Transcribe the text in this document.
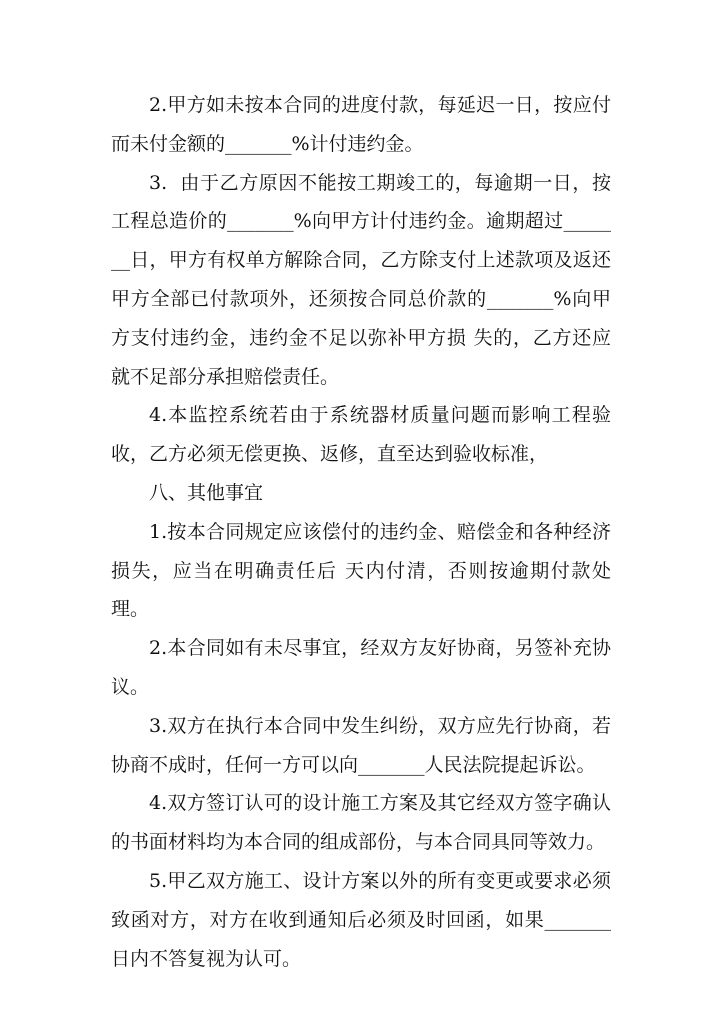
2.甲方如未按本合同的进度付款，每延迟一日，按应付而未付金额的_______%计付违约金。

3.  由于乙方原因不能按工期竣工的，每逾期一日，按工程总造价的_______%向甲方计付违约金。逾期超过_______日，甲方有权单方解除合同，乙方除支付上述款项及返还甲方全部已付款项外，还须按合同总价款的_______%向甲方支付违约金，违约金不足以弥补甲方损 失的，乙方还应就不足部分承担赔偿责任。

4.本监控系统若由于系统器材质量问题而影响工程验收，乙方必须无偿更换、返修，直至达到验收标准，

八、其他事宜

1.按本合同规定应该偿付的违约金、赔偿金和各种经济损失，应当在明确责任后 天内付清，否则按逾期付款处理。

2.本合同如有未尽事宜，经双方友好协商，另签补充协议。

3.双方在执行本合同中发生纠纷，双方应先行协商，若协商不成时，任何一方可以向_______人民法院提起诉讼。

4.双方签订认可的设计施工方案及其它经双方签字确认的书面材料均为本合同的组成部份，与本合同具同等效力。

5.甲乙双方施工、设计方案以外的所有变更或要求必须致函对方，对方在收到通知后必须及时回函，如果_______日内不答复视为认可。
